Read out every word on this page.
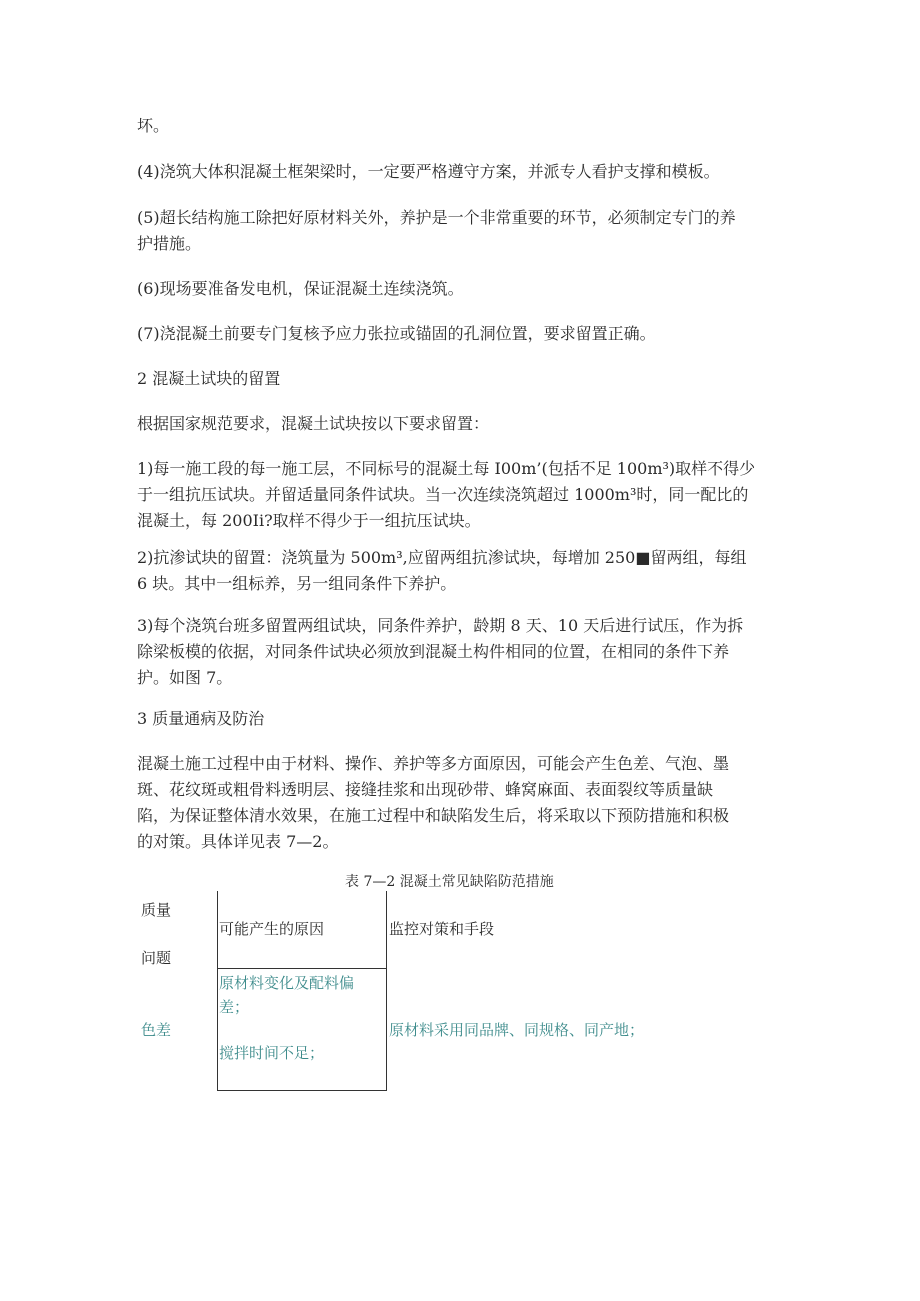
坏。

(4)浇筑大体积混凝土框架梁时，一定要严格遵守方案，并派专人看护支撑和模板。

(5)超长结构施工除把好原材料关外，养护是一个非常重要的环节，必须制定专门的养
护措施。

(6)现场要准备发电机，保证混凝土连续浇筑。

(7)浇混凝土前要专门复核予应力张拉或锚固的孔洞位置，要求留置正确。

2 混凝土试块的留置

根据国家规范要求，混凝土试块按以下要求留置：

1)每一施工段的每一施工层，不同标号的混凝土每 I00m’(包括不足 100m³)取样不得少
于一组抗压试块。并留适量同条件试块。当一次连续浇筑超过 1000m³时，同一配比的
混凝土，每 200Ii?取样不得少于一组抗压试块。

2)抗渗试块的留置：浇筑量为 500m³,应留两组抗渗试块，每增加 250■留两组，每组
6 块。其中一组标养，另一组同条件下养护。

3)每个浇筑台班多留置两组试块，同条件养护，龄期 8 天、10 天后进行试压，作为拆
除梁板模的依据，对同条件试块必须放到混凝土构件相同的位置，在相同的条件下养
护。如图 7。

3 质量通病及防治

混凝土施工过程中由于材料、操作、养护等多方面原因，可能会产生色差、气泡、墨
斑、花纹斑或粗骨料透明层、接缝挂浆和出现砂带、蜂窝麻面、表面裂纹等质量缺
陷，为保证整体清水效果，在施工过程中和缺陷发生后，将采取以下预防措施和积极
的对策。具体详见表 7—2。

表 7—2 混凝土常见缺陷防范措施
质量
问题
可能产生的原因	监控对策和手段
色差
原材料变化及配料偏
差；
搅拌时间不足；
原材料采用同品牌、同规格、同产地；
